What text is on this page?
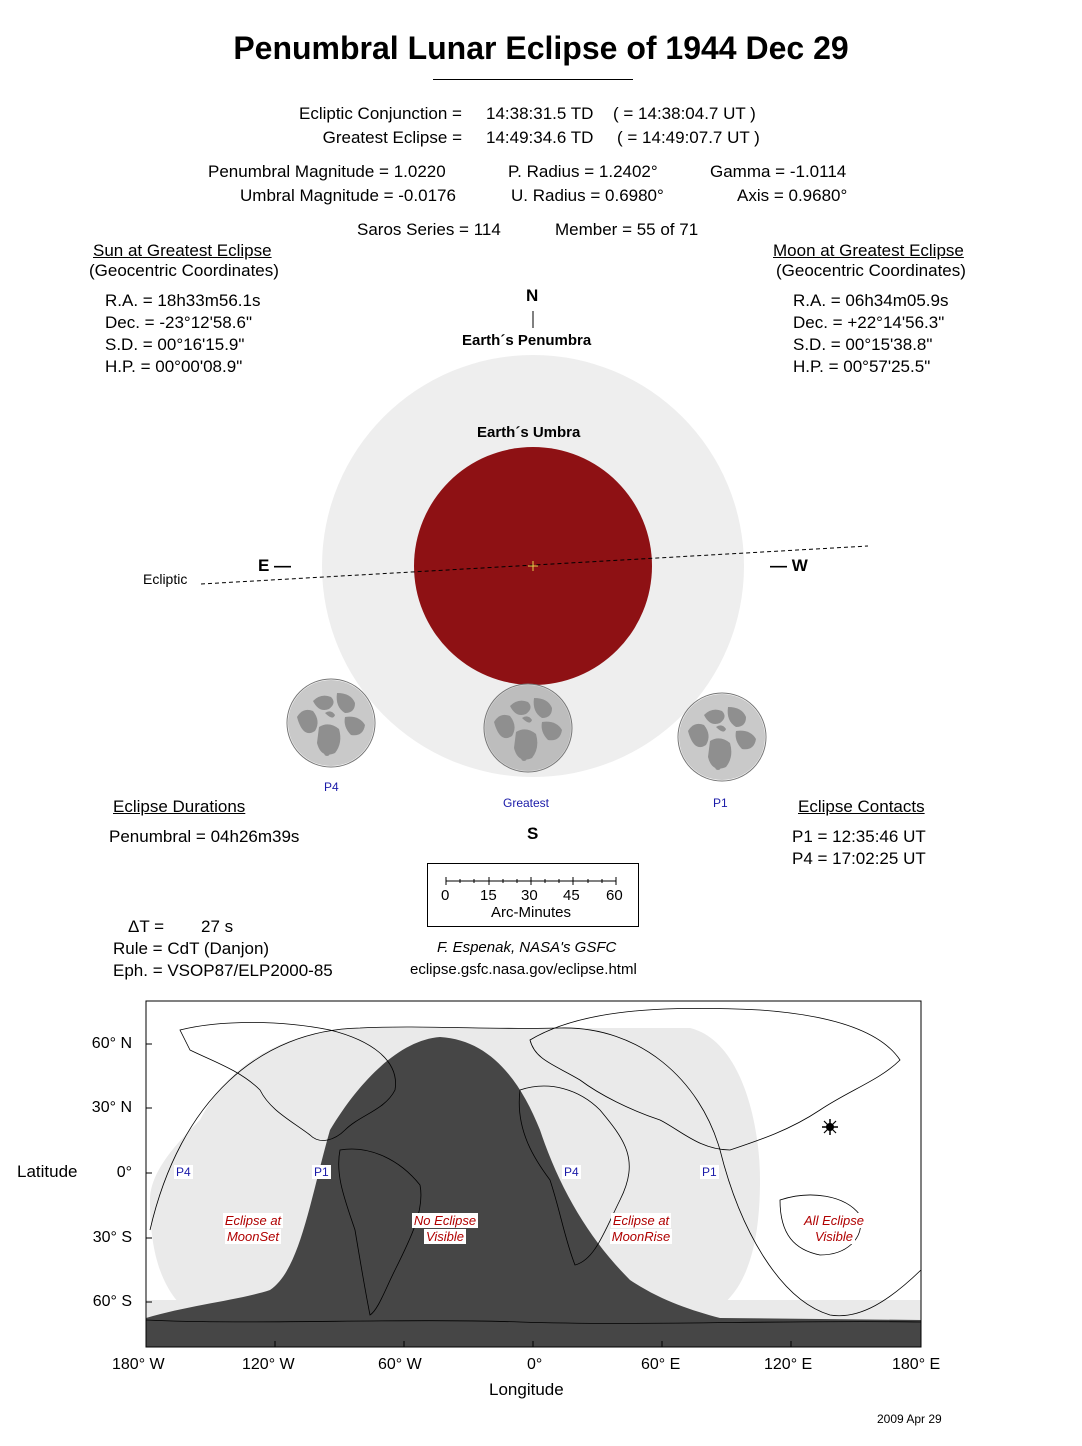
Penumbral Lunar Eclipse of 1944 Dec 29
Ecliptic Conjunction = 14:38:31.5 TD ( = 14:38:04.7 UT )
Greatest Eclipse = 14:49:34.6 TD ( = 14:49:07.7 UT )
Penumbral Magnitude = 1.0220
Umbral Magnitude = -0.0176
P. Radius = 1.2402°
U. Radius = 0.6980°
Gamma = -1.0114
Axis = 0.9680°
Saros Series = 114	Member = 55 of 71
Sun at Greatest Eclipse
(Geocentric Coordinates)
R.A. = 18h33m56.1s
Dec. = -23°12'58.6"
S.D. = 00°16'15.9"
H.P. = 00°00'08.9"
Moon at Greatest Eclipse
(Geocentric Coordinates)
R.A. = 06h34m05.9s
Dec. = +22°14'56.3"
S.D. = 00°15'38.8"
H.P. = 00°57'25.5"
N
Earth´s Penumbra
Earth´s Umbra
E —	— W
Ecliptic
P4
Greatest	P1
S
Eclipse Durations
Penumbral = 04h26m39s
Eclipse Contacts
P1 = 12:35:46 UT
P4 = 17:02:25 UT
0 15 30 45 60
Arc-Minutes
ΔT = 27 s
Rule = CdT (Danjon)
Eph. = VSOP87/ELP2000-85
F. Espenak, NASA's GSFC
eclipse.gsfc.nasa.gov/eclipse.html
Latitude
60° N
30° N
0°
30° S
60° S
180° W	120° W	60° W	0°	60° E	120° E	180° E
Longitude
P4	P1	P4	P1
Eclipse at
MoonSet
No Eclipse
Visible
Eclipse at
MoonRise
All Eclipse
Visible
2009 Apr 29
